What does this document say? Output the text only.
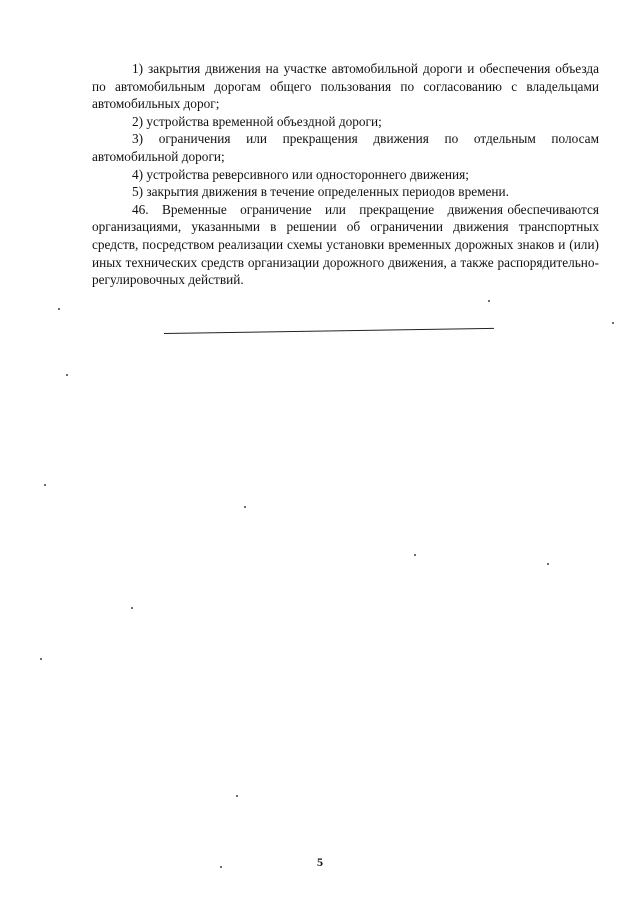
1) закрытия движения на участке автомобильной дороги и обеспечения объезда по автомобильным дорогам общего пользования по согласованию с владельцами автомобильных дорог;

2) устройства временной объездной дороги;

3) ограничения или прекращения движения по отдельным полосам автомобильной дороги;

4) устройства реверсивного или одностороннего движения;

5) закрытия движения в течение определенных периодов времени.

46.   Временные   ограничение   или   прекращение   движения обеспечиваются организациями, указанными в решении об ограничении движения транспортных средств, посредством реализации схемы установки временных дорожных знаков и (или) иных технических средств организации дорожного движения, а также распорядительно-регулировочных действий.

5
